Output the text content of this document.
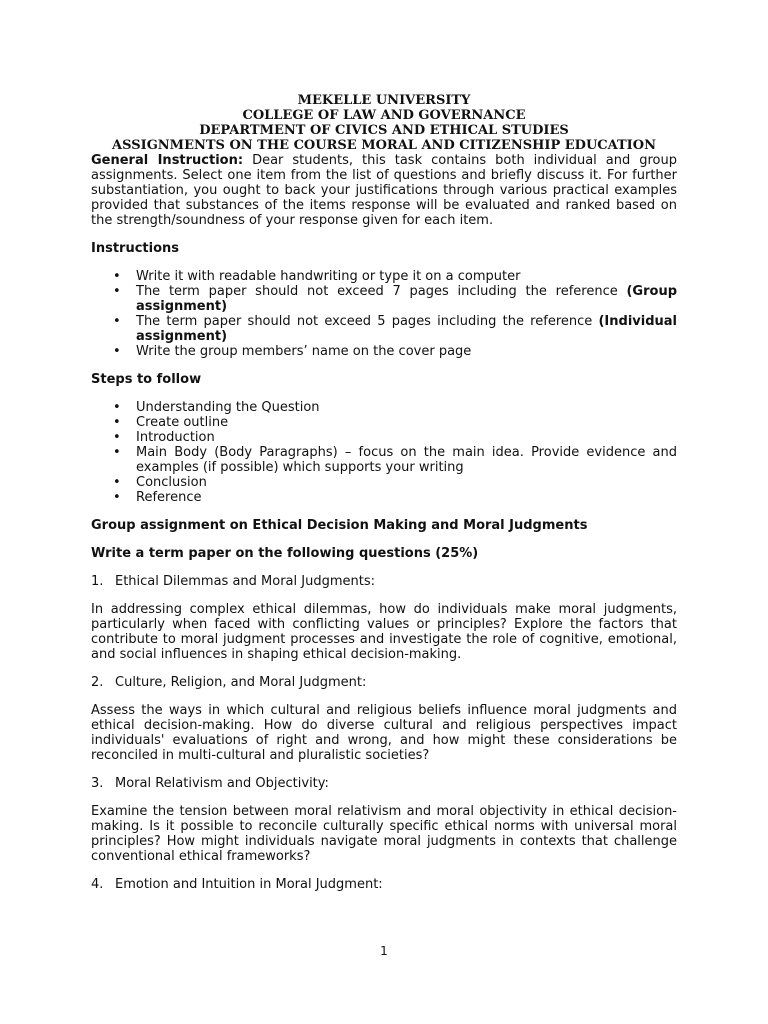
MEKELLE UNIVERSITY
COLLEGE OF LAW AND GOVERNANCE
DEPARTMENT OF CIVICS AND ETHICAL STUDIES
ASSIGNMENTS ON THE COURSE MORAL AND CITIZENSHIP EDUCATION
General Instruction: Dear students, this task contains both individual and group assignments. Select one item from the list of questions and briefly discuss it. For further substantiation, you ought to back your justifications through various practical examples provided that substances of the items response will be evaluated and ranked based on the strength/soundness of your response given for each item.
Instructions
• Write it with readable handwriting or type it on a computer
• The term paper should not exceed 7 pages including the reference (Group assignment)
• The term paper should not exceed 5 pages including the reference (Individual assignment)
• Write the group members’ name on the cover page
Steps to follow
• Understanding the Question
• Create outline
• Introduction
• Main Body (Body Paragraphs) – focus on the main idea. Provide evidence and examples (if possible) which supports your writing
• Conclusion
• Reference
Group assignment on Ethical Decision Making and Moral Judgments
Write a term paper on the following questions (25%)
1. Ethical Dilemmas and Moral Judgments:
In addressing complex ethical dilemmas, how do individuals make moral judgments, particularly when faced with conflicting values or principles? Explore the factors that contribute to moral judgment processes and investigate the role of cognitive, emotional, and social influences in shaping ethical decision-making.
2. Culture, Religion, and Moral Judgment:
Assess the ways in which cultural and religious beliefs influence moral judgments and ethical decision-making. How do diverse cultural and religious perspectives impact individuals' evaluations of right and wrong, and how might these considerations be reconciled in multi-cultural and pluralistic societies?
3. Moral Relativism and Objectivity:
Examine the tension between moral relativism and moral objectivity in ethical decision-making. Is it possible to reconcile culturally specific ethical norms with universal moral principles? How might individuals navigate moral judgments in contexts that challenge conventional ethical frameworks?
4. Emotion and Intuition in Moral Judgment:
1
